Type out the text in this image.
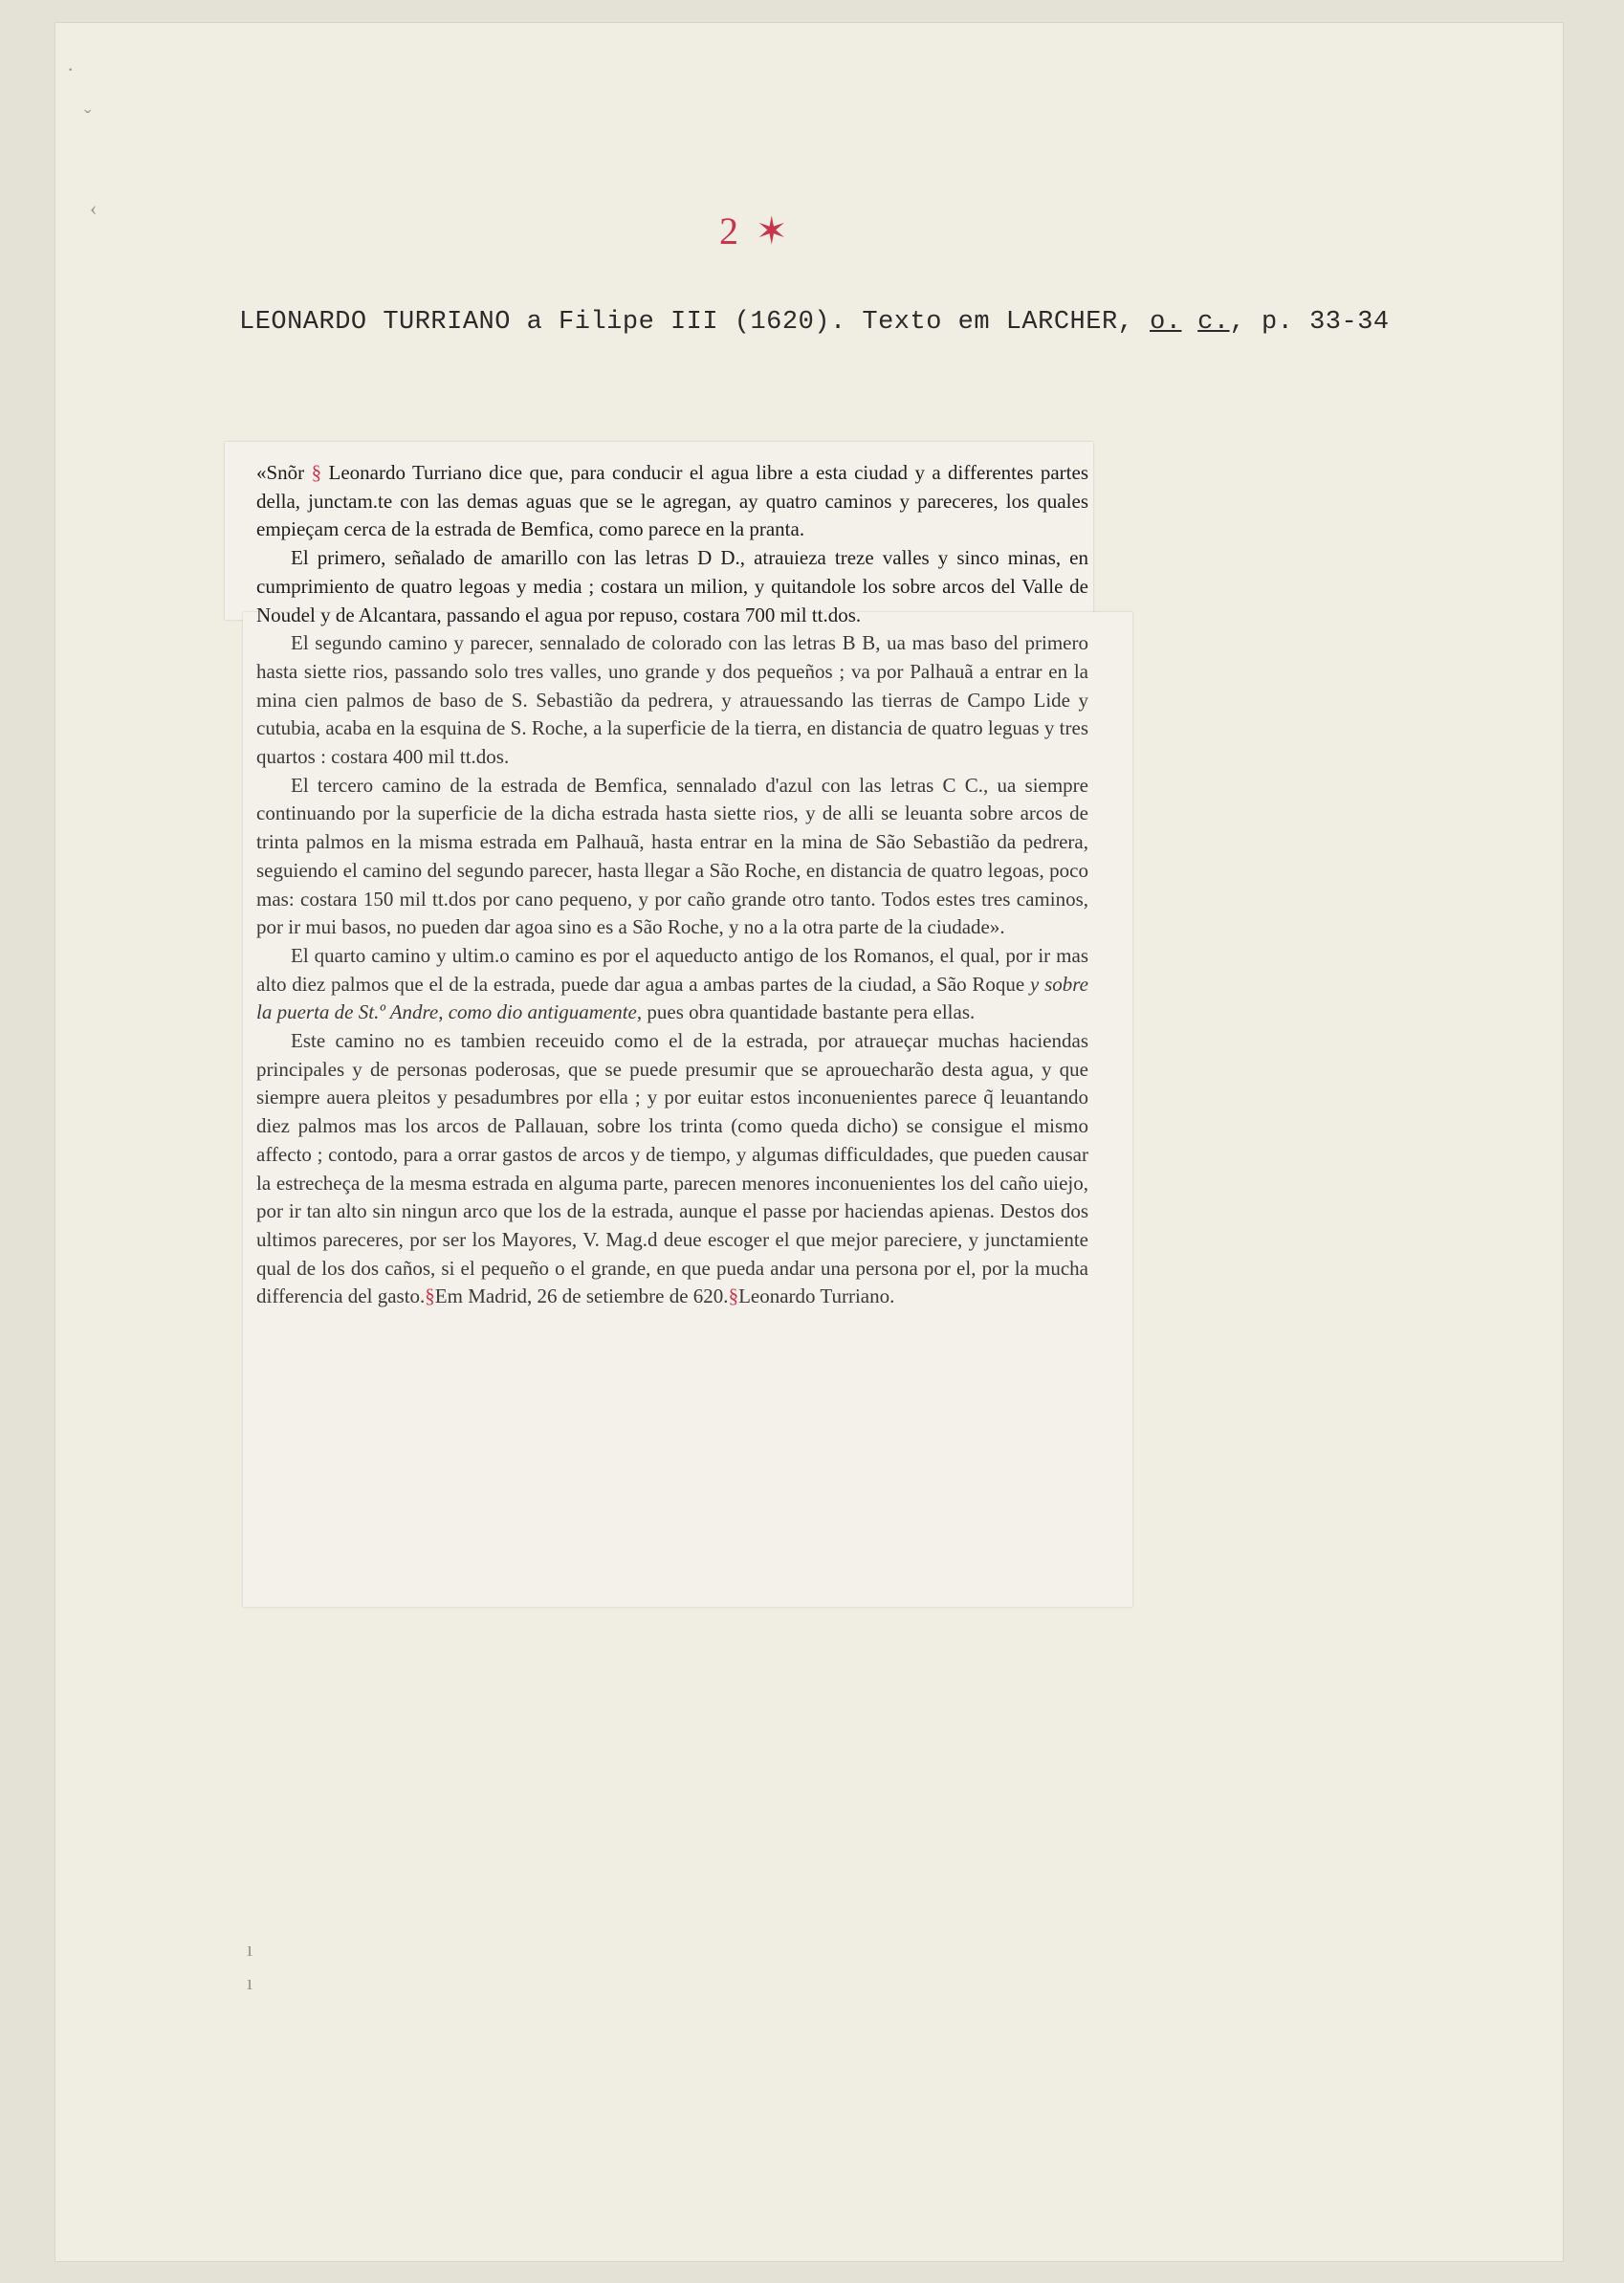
·
ˇ
‹
ı
ı
2 ✶
LEONARDO TURRIANO a Filipe III (1620). Texto em LARCHER, o. c., p. 33-34

«Snõr § Leonardo Turriano dice que, para conducir el agua libre a esta ciudad y a differentes partes della, junctam.te con las demas aguas que se le agregan, ay quatro caminos y pareceres, los quales empieçam cerca de la estrada de Bemfica, como parece en la pranta.

El primero, señalado de amarillo con las letras D D., atrauieza treze valles y sinco minas, en cumprimiento de quatro legoas y media ; costara un milion, y quitandole los sobre arcos del Valle de Noudel y de Alcantara, passando el agua por repuso, costara 700 mil tt.dos.

El segundo camino y parecer, sennalado de colorado con las letras B B, ua mas baso del primero hasta siette rios, passando solo tres valles, uno grande y dos pequeños ; va por Palhauã a entrar en la mina cien palmos de baso de S. Sebastião da pedrera, y atrauessando las tierras de Campo Lide y cutubia, acaba en la esquina de S. Roche, a la superficie de la tierra, en distancia de quatro leguas y tres quartos : costara 400 mil tt.dos.

El tercero camino de la estrada de Bemfica, sennalado d'azul con las letras C C., ua siempre continuando por la superficie de la dicha estrada hasta siette rios, y de alli se leuanta sobre arcos de trinta palmos en la misma estrada em Palhauã, hasta entrar en la mina de São Sebastião da pedrera, seguiendo el camino del segundo parecer, hasta llegar a São Roche, en distancia de quatro legoas, poco mas: costara 150 mil tt.dos por cano pequeno, y por caño grande otro tanto. Todos estes tres caminos, por ir mui basos, no pueden dar agoa sino es a São Roche, y no a la otra parte de la ciudade».

El quarto camino y ultim.o camino es por el aqueducto antigo de los Romanos, el qual, por ir mas alto diez palmos que el de la estrada, puede dar agua a ambas partes de la ciudad, a São Roque y sobre la puerta de St.º Andre, como dio antiguamente, pues obra quantidade bastante pera ellas.

Este camino no es tambien receuido como el de la estrada, por atraueçar muchas haciendas principales y de personas poderosas, que se puede presumir que se aprouecharão desta agua, y que siempre auera pleitos y pesadumbres por ella ; y por euitar estos inconuenientes parece q̃ leuantando diez palmos mas los arcos de Pallauan, sobre los trinta (como queda dicho) se consigue el mismo affecto ; contodo, para a orrar gastos de arcos y de tiempo, y algumas difficuldades, que pueden causar la estrecheça de la mesma estrada en alguma parte, parecen menores inconuenientes los del caño uiejo, por ir tan alto sin ningun arco que los de la estrada, aunque el passe por haciendas apienas. Destos dos ultimos pareceres, por ser los Mayores, V. Mag.d deue escoger el que mejor pareciere, y junctamiente qual de los dos caños, si el pequeño o el grande, en que pueda andar una persona por el, por la mucha differencia del gasto.§Em Madrid, 26 de setiembre de 620.§Leonardo Turriano.
